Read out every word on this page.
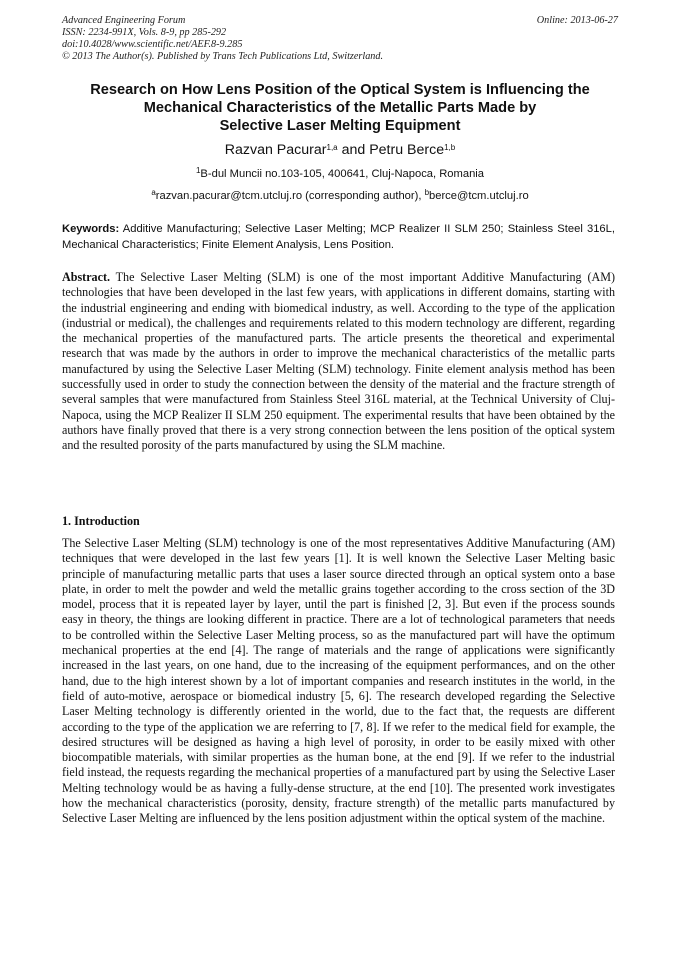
Advanced Engineering Forum
ISSN: 2234-991X, Vols. 8-9, pp 285-292
doi:10.4028/www.scientific.net/AEF.8-9.285
© 2013 The Author(s). Published by Trans Tech Publications Ltd, Switzerland.
Online: 2013-06-27
Research on How Lens Position of the Optical System is Influencing the
Mechanical Characteristics of the Metallic Parts Made by
Selective Laser Melting Equipment
Razvan Pacurar$^{1,a}$ and Petru Berce$^{1,b}$
$^1$B-dul Muncii no.103-105, 400641, Cluj-Napoca, Romania
$^a$razvan.pacurar@tcm.utcluj.ro (corresponding author), $^b$berce@tcm.utcluj.ro

Keywords: Additive Manufacturing; Selective Laser Melting; MCP Realizer II SLM 250; Stainless Steel 316L, Mechanical Characteristics; Finite Element Analysis, Lens Position.

Abstract. The Selective Laser Melting (SLM) is one of the most important Additive Manufacturing (AM) technologies that have been developed in the last few years, with applications in different domains, starting with the industrial engineering and ending with biomedical industry, as well. According to the type of the application (industrial or medical), the challenges and requirements related to this modern technology are different, regarding the mechanical properties of the manufactured parts. The article presents the theoretical and experimental research that was made by the authors in order to improve the mechanical characteristics of the metallic parts manufactured by using the Selective Laser Melting (SLM) technology. Finite element analysis method has been successfully used in order to study the connection between the density of the material and the fracture strength of several samples that were manufactured from Stainless Steel 316L material, at the Technical University of Cluj-Napoca, using the MCP Realizer II SLM 250 equipment. The experimental results that have been obtained by the authors have finally proved that there is a very strong connection between the lens position of the optical system and the resulted porosity of the parts manufactured by using the SLM machine.

1. Introduction

The Selective Laser Melting (SLM) technology is one of the most representatives Additive Manufacturing (AM) techniques that were developed in the last few years [1]. It is well known the Selective Laser Melting basic principle of manufacturing metallic parts that uses a laser source directed through an optical system onto a base plate, in order to melt the powder and weld the metallic grains together according to the cross section of the 3D model, process that it is repeated layer by layer, until the part is finished [2, 3]. But even if the process sounds easy in theory, the things are looking different in practice. There are a lot of technological parameters that needs to be controlled within the Selective Laser Melting process, so as the manufactured part will have the optimum mechanical properties at the end [4]. The range of materials and the range of applications were significantly increased in the last years, on one hand, due to the increasing of the equipment performances, and on the other hand, due to the high interest shown by a lot of important companies and research institutes in the world, in the field of auto-motive, aerospace or biomedical industry [5, 6]. The research developed regarding the Selective Laser Melting technology is differently oriented in the world, due to the fact that, the requests are different according to the type of the application we are referring to [7, 8]. If we refer to the medical field for example, the desired structures will be designed as having a high level of porosity, in order to be easily mixed with other biocompatible materials, with similar properties as the human bone, at the end [9]. If we refer to the industrial field instead, the requests regarding the mechanical properties of a manufactured part by using the Selective Laser Melting technology would be as having a fully-dense structure, at the end [10]. The presented work investigates how the mechanical characteristics (porosity, density, fracture strength) of the metallic parts manufactured by Selective Laser Melting are influenced by the lens position adjustment within the optical system of the machine.
